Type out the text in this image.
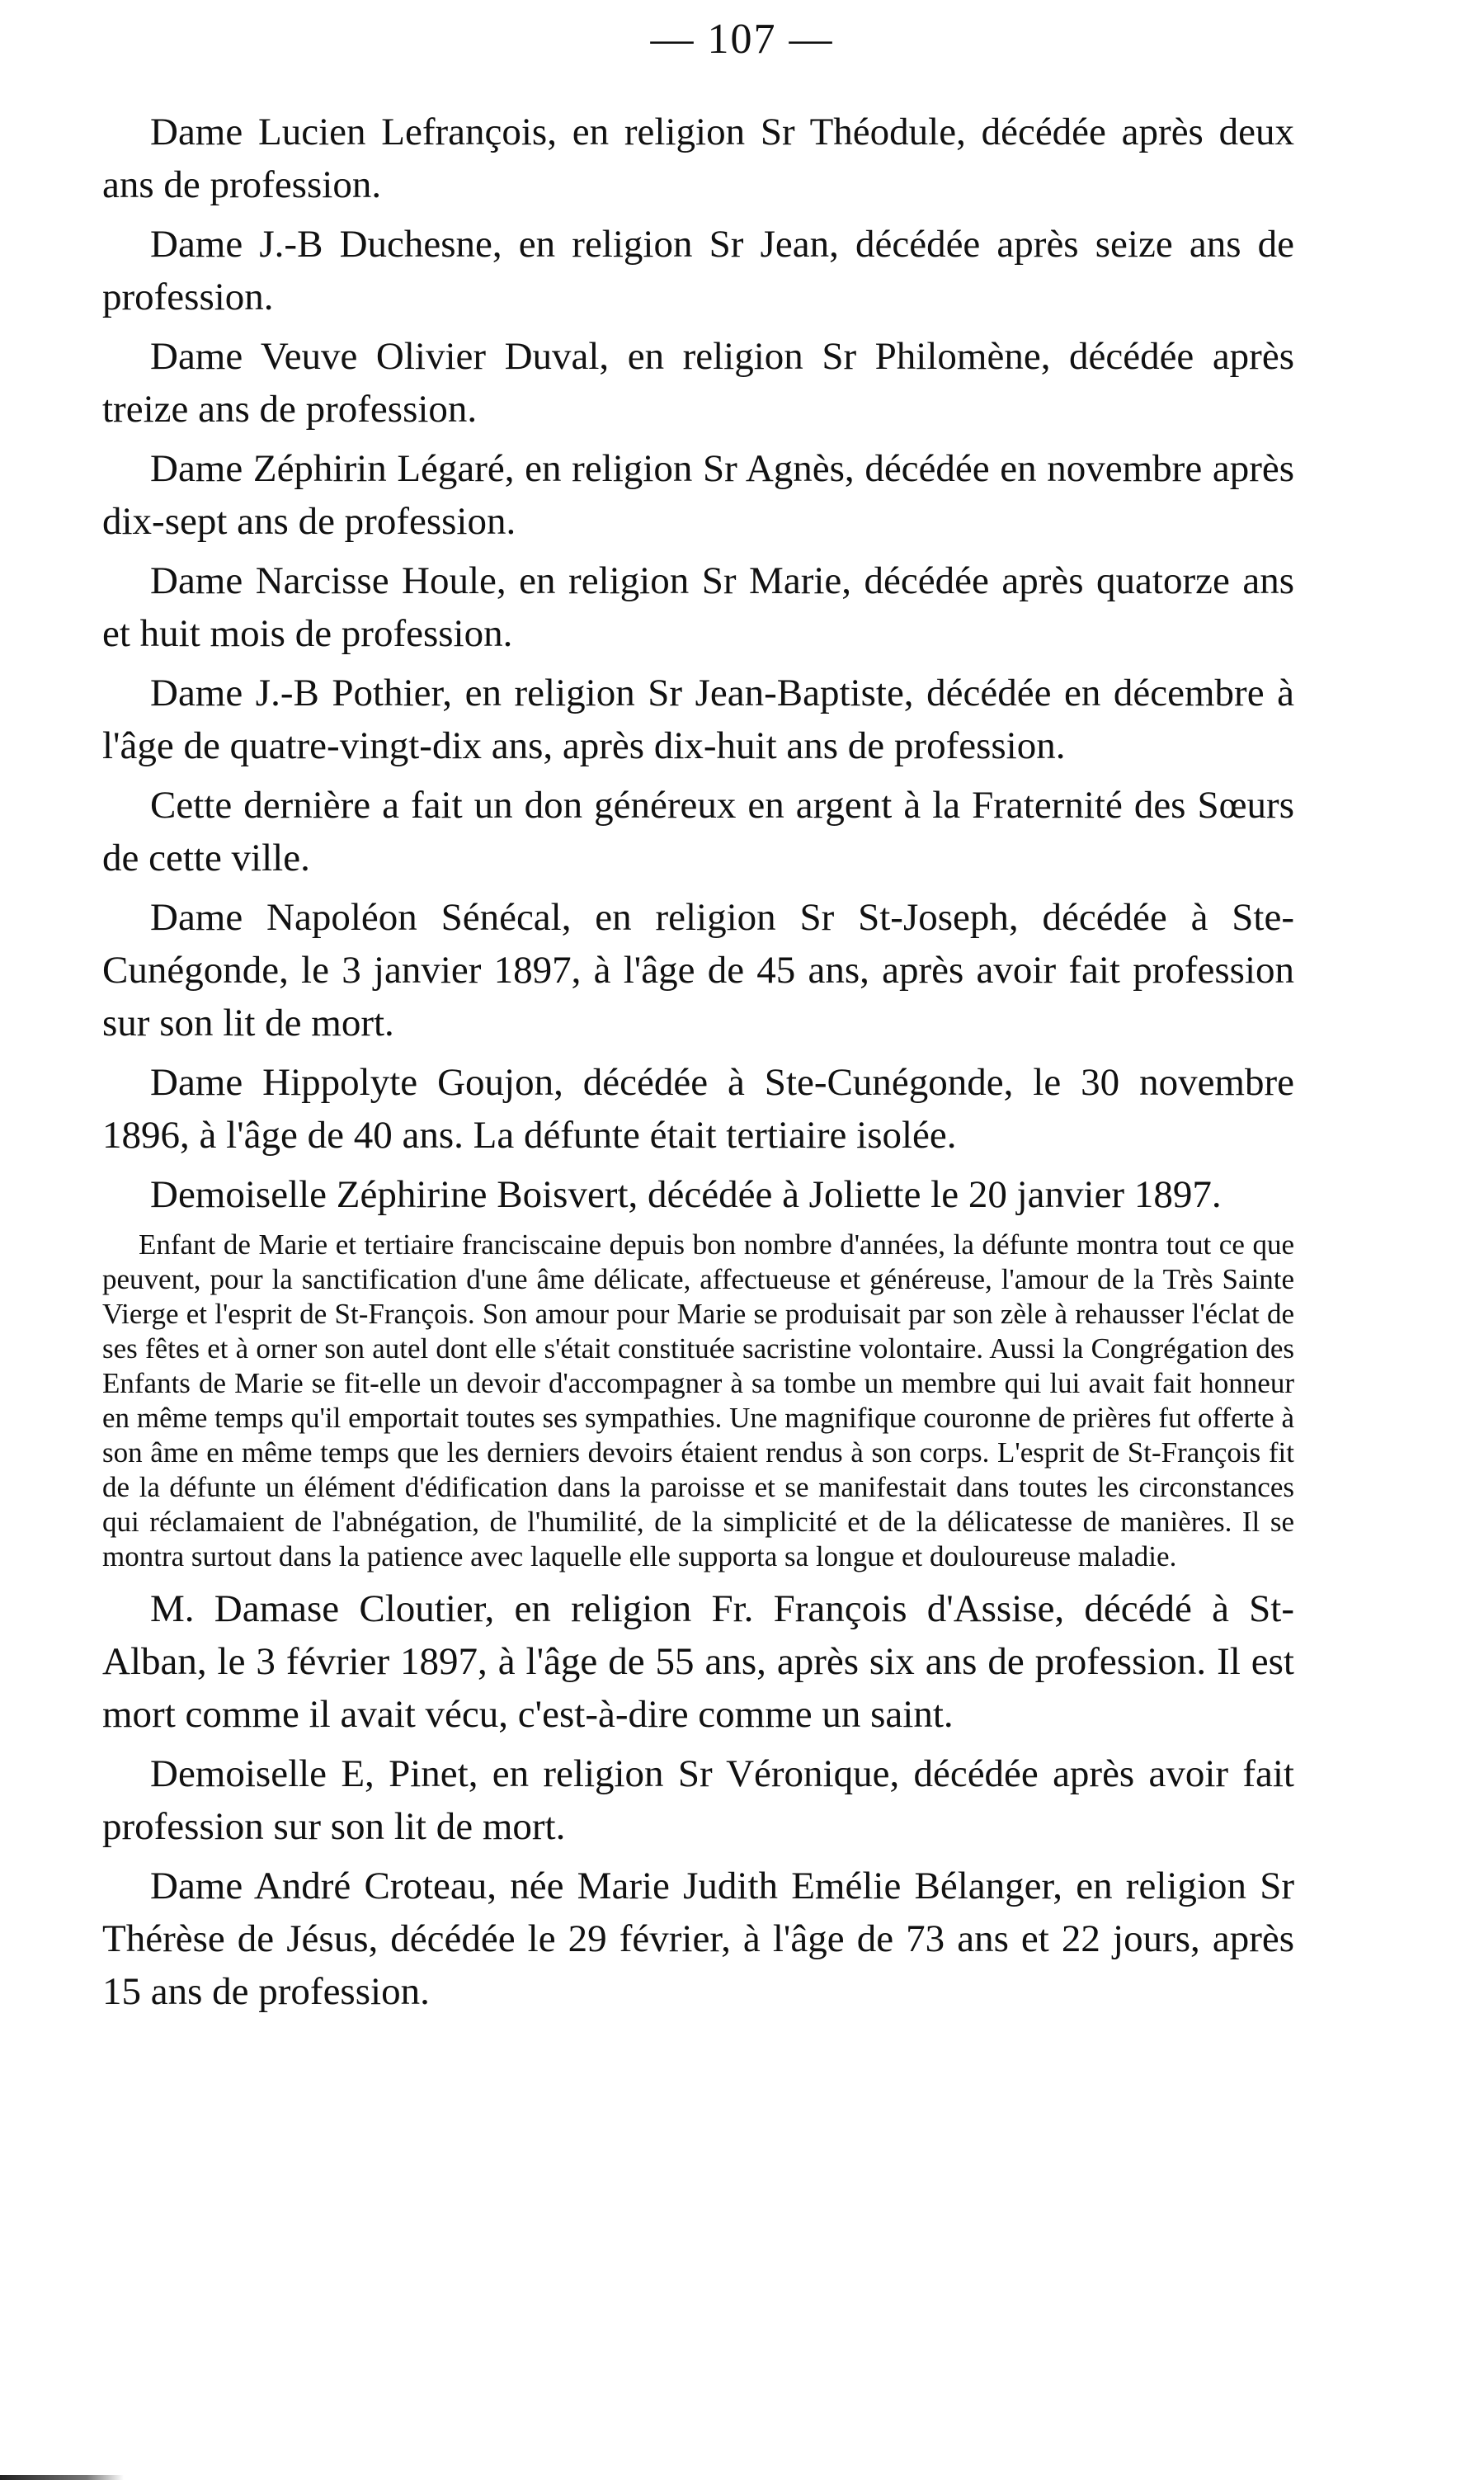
— 107 —

Dame Lucien Lefrançois, en religion Sr Théodule, décédée après deux ans de profession.

Dame J.-B Duchesne, en religion Sr Jean, décédée après seize ans de profession.

Dame Veuve Olivier Duval, en religion Sr Philomène, décédée après treize ans de profession.

Dame Zéphirin Légaré, en religion Sr Agnès, décédée en novembre après dix-sept ans de profession.

Dame Narcisse Houle, en religion Sr Marie, décédée après quatorze ans et huit mois de profession.

Dame J.-B Pothier, en religion Sr Jean-Baptiste, décédée en décembre à l'âge de quatre-vingt-dix ans, après dix-huit ans de profession.

Cette dernière a fait un don généreux en argent à la Fraternité des Sœurs de cette ville.

Dame Napoléon Sénécal, en religion Sr St-Joseph, décédée à Ste-Cunégonde, le 3 janvier 1897, à l'âge de 45 ans, après avoir fait profession sur son lit de mort.

Dame Hippolyte Goujon, décédée à Ste-Cunégonde, le 30 novembre 1896, à l'âge de 40 ans. La défunte était tertiaire isolée.

Demoiselle Zéphirine Boisvert, décédée à Joliette le 20 janvier 1897.

Enfant de Marie et tertiaire franciscaine depuis bon nombre d'années, la défunte montra tout ce que peuvent, pour la sanctification d'une âme délicate, affectueuse et généreuse, l'amour de la Très Sainte Vierge et l'esprit de St-François. Son amour pour Marie se produisait par son zèle à rehausser l'éclat de ses fêtes et à orner son autel dont elle s'était constituée sacristine volontaire. Aussi la Congrégation des Enfants de Marie se fit-elle un devoir d'accompagner à sa tombe un membre qui lui avait fait honneur en même temps qu'il emportait toutes ses sympathies. Une magnifique couronne de prières fut offerte à son âme en même temps que les derniers devoirs étaient rendus à son corps. L'esprit de St-François fit de la défunte un élément d'édification dans la paroisse et se manifestait dans toutes les circonstances qui réclamaient de l'abnégation, de l'humilité, de la simplicité et de la délicatesse de manières. Il se montra surtout dans la patience avec laquelle elle supporta sa longue et douloureuse maladie.

M. Damase Cloutier, en religion Fr. François d'Assise, décédé à St-Alban, le 3 février 1897, à l'âge de 55 ans, après six ans de profession. Il est mort comme il avait vécu, c'est-à-dire comme un saint.

Demoiselle E, Pinet, en religion Sr Véronique, décédée après avoir fait profession sur son lit de mort.

Dame André Croteau, née Marie Judith Emélie Bélanger, en religion Sr Thérèse de Jésus, décédée le 29 février, à l'âge de 73 ans et 22 jours, après 15 ans de profession.
